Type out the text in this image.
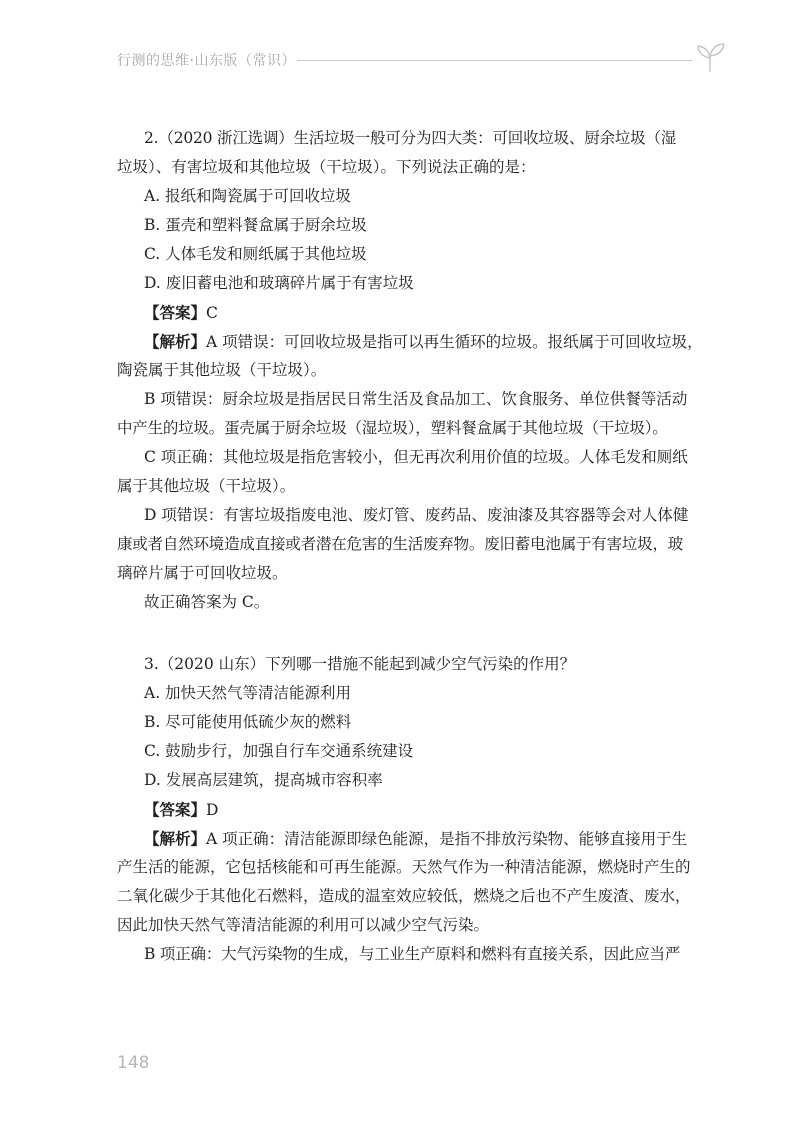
行测的思维·山东版（常识）
2.（2020 浙江选调）生活垃圾一般可分为四大类：可回收垃圾、厨余垃圾（湿
垃圾）、有害垃圾和其他垃圾（干垃圾）。下列说法正确的是：
A. 报纸和陶瓷属于可回收垃圾
B. 蛋壳和塑料餐盒属于厨余垃圾
C. 人体毛发和厕纸属于其他垃圾
D. 废旧蓄电池和玻璃碎片属于有害垃圾
【答案】C
【解析】A 项错误：可回收垃圾是指可以再生循环的垃圾。报纸属于可回收垃圾，
陶瓷属于其他垃圾（干垃圾）。
B 项错误：厨余垃圾是指居民日常生活及食品加工、饮食服务、单位供餐等活动
中产生的垃圾。蛋壳属于厨余垃圾（湿垃圾），塑料餐盒属于其他垃圾（干垃圾）。
C 项正确：其他垃圾是指危害较小，但无再次利用价值的垃圾。人体毛发和厕纸
属于其他垃圾（干垃圾）。
D 项错误：有害垃圾指废电池、废灯管、废药品、废油漆及其容器等会对人体健
康或者自然环境造成直接或者潜在危害的生活废弃物。废旧蓄电池属于有害垃圾，玻
璃碎片属于可回收垃圾。
故正确答案为 C。
3.（2020 山东）下列哪一措施不能起到减少空气污染的作用？
A. 加快天然气等清洁能源利用
B. 尽可能使用低硫少灰的燃料
C. 鼓励步行，加强自行车交通系统建设
D. 发展高层建筑，提高城市容积率
【答案】D
【解析】A 项正确：清洁能源即绿色能源，是指不排放污染物、能够直接用于生
产生活的能源，它包括核能和可再生能源。天然气作为一种清洁能源，燃烧时产生的
二氧化碳少于其他化石燃料，造成的温室效应较低，燃烧之后也不产生废渣、废水，
因此加快天然气等清洁能源的利用可以减少空气污染。
B 项正确：大气污染物的生成，与工业生产原料和燃料有直接关系，因此应当严
148
